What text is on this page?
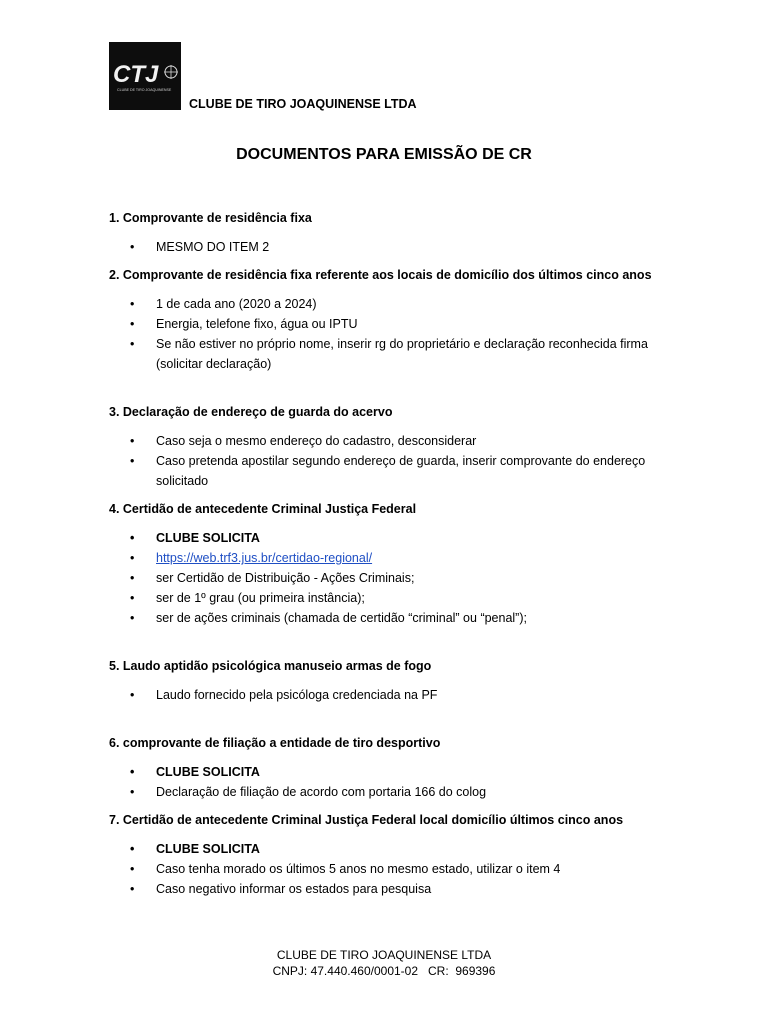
CTJ
CLUBE DE TIRO JOAQUINENSE
CLUBE DE TIRO JOAQUINENSE LTDA
DOCUMENTOS PARA EMISSÃO DE CR

1. Comprovante de residência fixa

• MESMO DO ITEM 2

2. Comprovante de residência fixa referente aos locais de domicílio dos últimos cinco anos

• 1 de cada ano (2020 a 2024)
• Energia, telefone fixo, água ou IPTU
• Se não estiver no próprio nome, inserir rg do proprietário e declaração reconhecida firma (solicitar declaração)

3. Declaração de endereço de guarda do acervo

• Caso seja o mesmo endereço do cadastro, desconsiderar
• Caso pretenda apostilar segundo endereço de guarda, inserir comprovante do endereço solicitado

4. Certidão de antecedente Criminal Justiça Federal

• CLUBE SOLICITA
• https://web.trf3.jus.br/certidao-regional/
• ser Certidão de Distribuição - Ações Criminais;
• ser de 1º grau (ou primeira instância);
• ser de ações criminais (chamada de certidão “criminal” ou “penal”);

5. Laudo aptidão psicológica manuseio armas de fogo

• Laudo fornecido pela psicóloga credenciada na PF

6. comprovante de filiação a entidade de tiro desportivo

• CLUBE SOLICITA
• Declaração de filiação de acordo com portaria 166 do colog

7. Certidão de antecedente Criminal Justiça Federal local domicílio últimos cinco anos

• CLUBE SOLICITA
• Caso tenha morado os últimos 5 anos no mesmo estado, utilizar o item 4
• Caso negativo informar os estados para pesquisa
CLUBE DE TIRO JOAQUINENSE LTDA
CNPJ: 47.440.460/0001-02   CR:  969396
